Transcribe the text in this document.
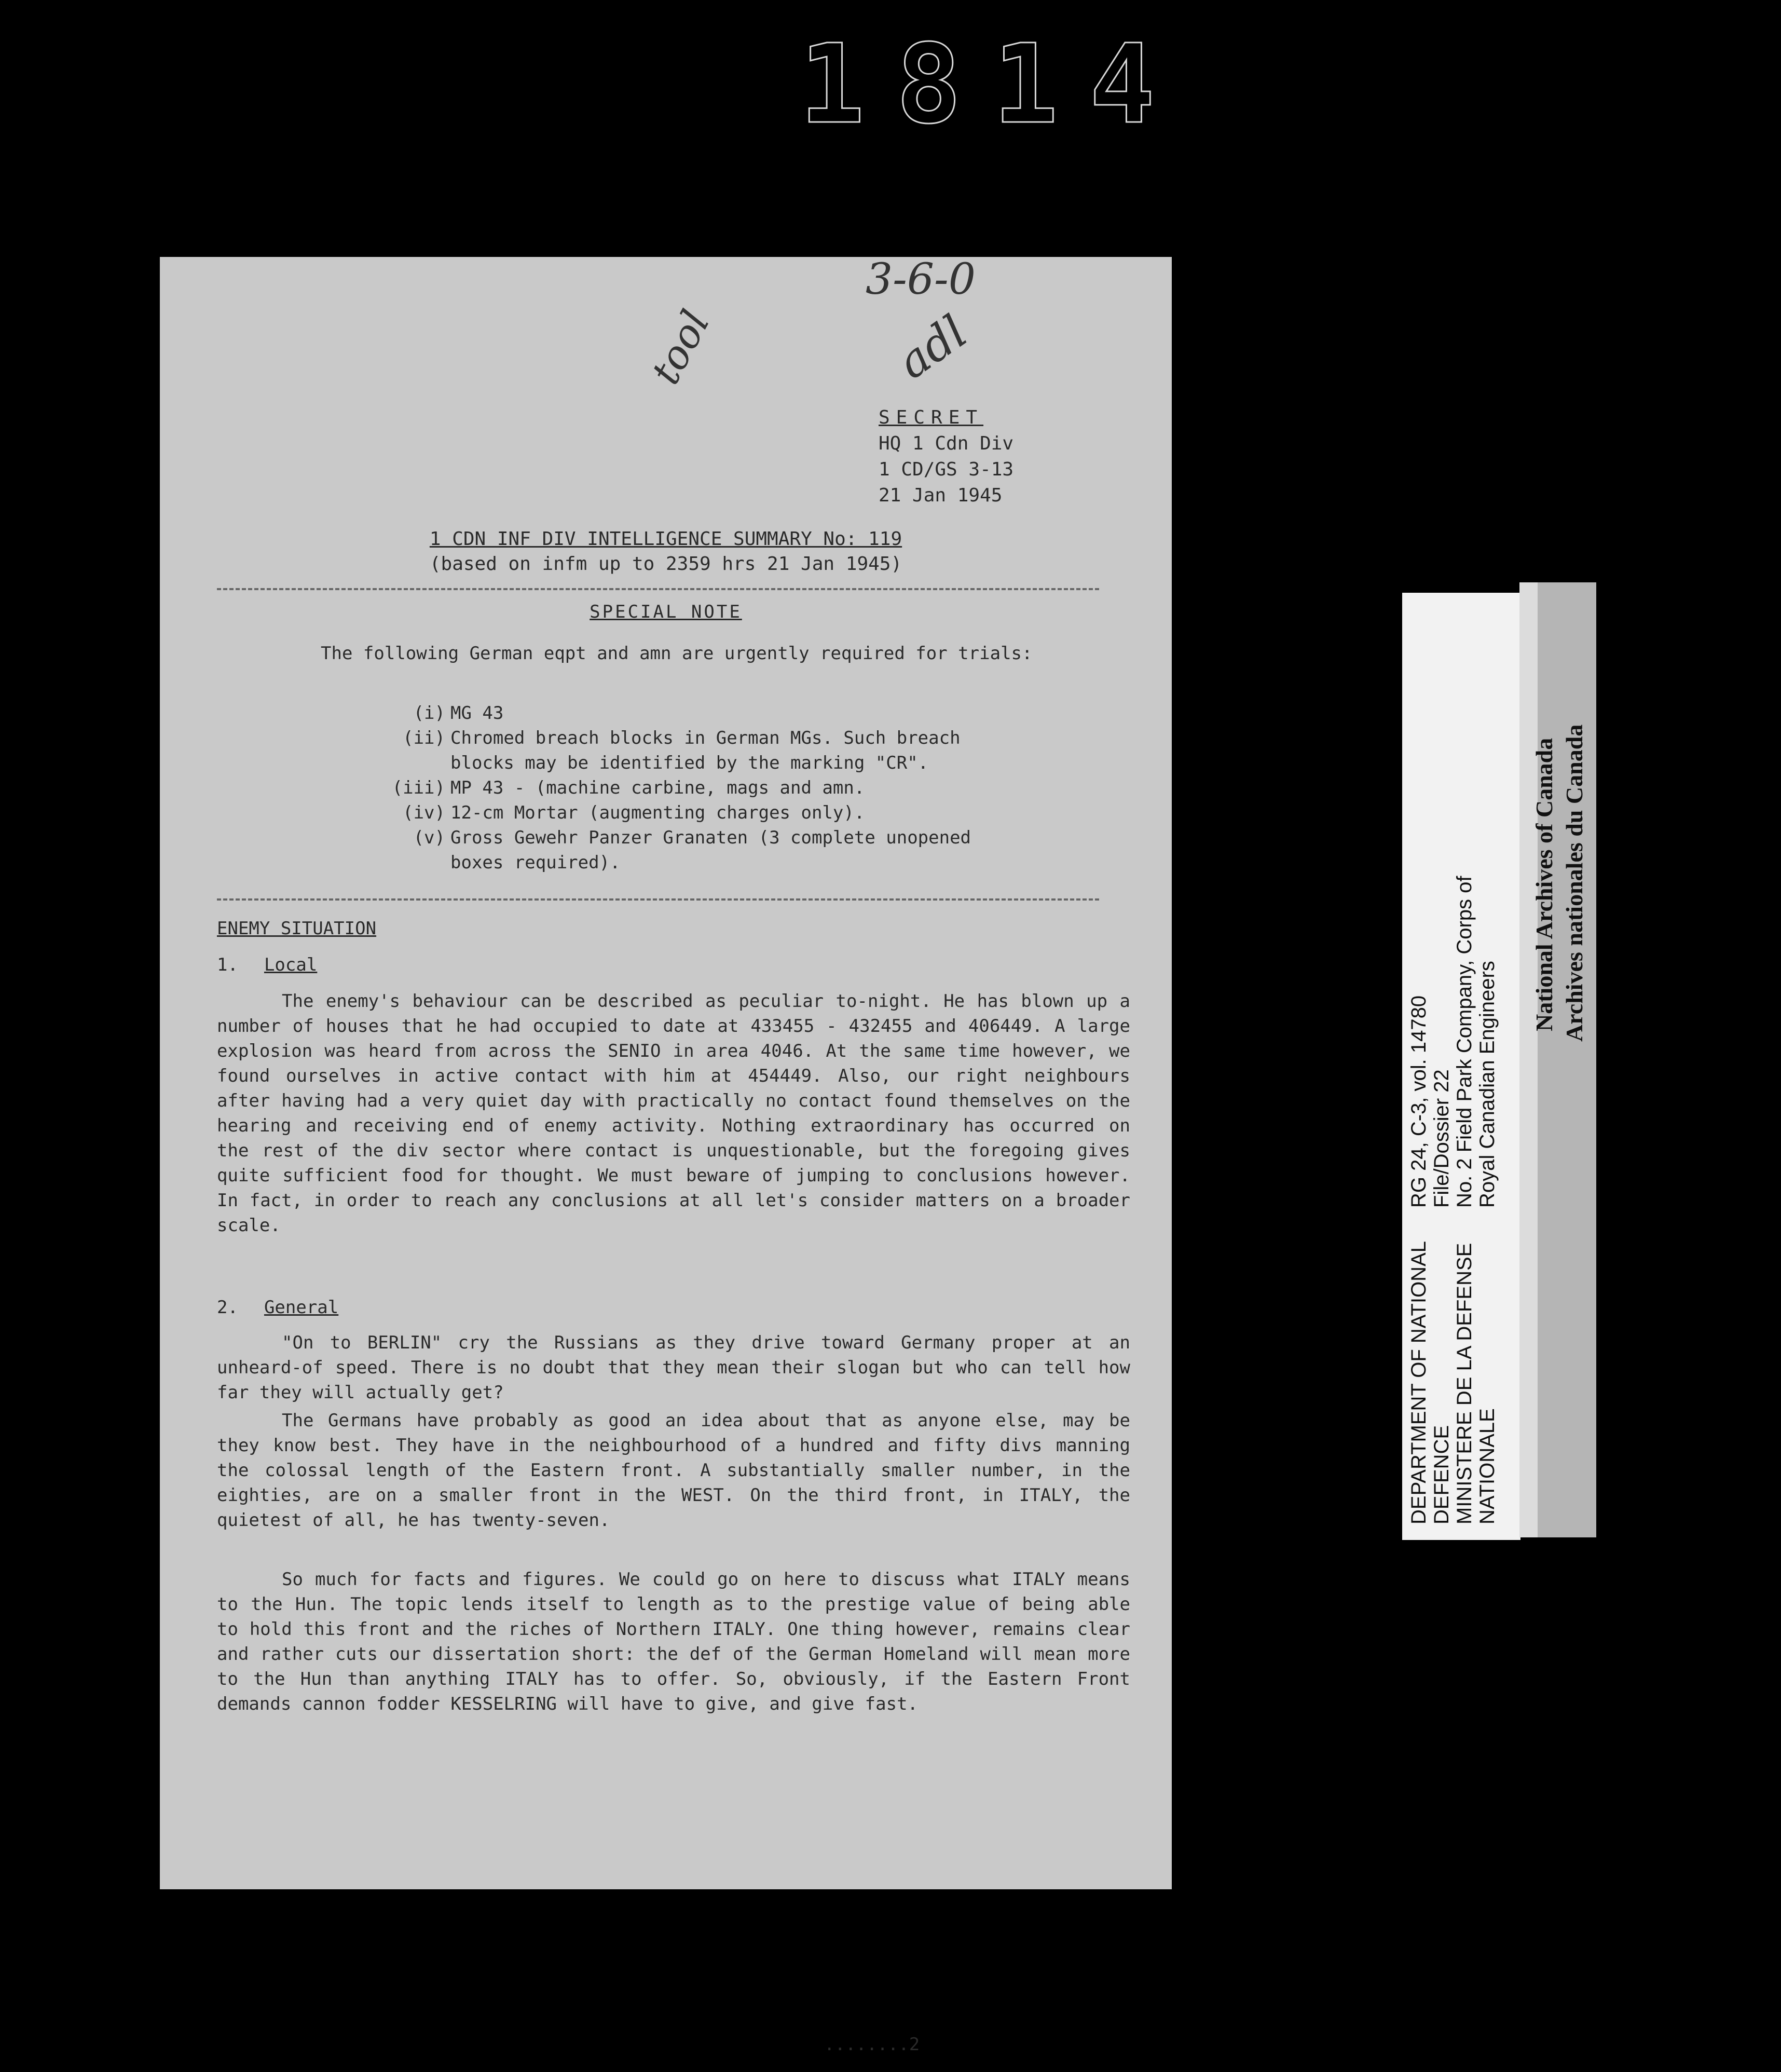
1814
3-6-0
adl
tool
SECRET
HQ 1 Cdn Div
1 CD/GS 3-13
21 Jan 1945
1 CDN INF DIV INTELLIGENCE SUMMARY No: 119
(based on infm up to 2359 hrs 21 Jan 1945)
SPECIAL NOTE
The following German eqpt and amn are urgently required for trials:
(i) MG 43
(ii) Chromed breach blocks in German MGs. Such breach blocks may be identified by the marking "CR".
(iii) MP 43 - (machine carbine, mags and amn.
(iv) 12-cm Mortar (augmenting charges only).
(v) Gross Gewehr Panzer Granaten (3 complete unopened boxes required).
ENEMY SITUATION
1. Local
The enemy's behaviour can be described as peculiar to-night. He has blown up a number of houses that he had occupied to date at 433455 - 432455 and 406449. A large explosion was heard from across the SENIO in area 4046. At the same time however, we found ourselves in active contact with him at 454449. Also, our right neighbours after having had a very quiet day with practically no contact found themselves on the hearing and receiving end of enemy activity. Nothing extraordinary has occurred on the rest of the div sector where contact is unquestionable, but the foregoing gives quite sufficient food for thought. We must beware of jumping to conclusions however. In fact, in order to reach any conclusions at all let's consider matters on a broader scale.
2. General
"On to BERLIN" cry the Russians as they drive toward Germany proper at an unheard-of speed. There is no doubt that they mean their slogan but who can tell how far they will actually get?
The Germans have probably as good an idea about that as anyone else, may be they know best. They have in the neighbourhood of a hundred and fifty divs manning the colossal length of the Eastern front. A substantially smaller number, in the eighties, are on a smaller front in the WEST. On the third front, in ITALY, the quietest of all, he has twenty-seven.
So much for facts and figures. We could go on here to discuss what ITALY means to the Hun. The topic lends itself to length as to the prestige value of being able to hold this front and the riches of Northern ITALY. One thing however, remains clear and rather cuts our dissertation short: the def of the German Homeland will mean more to the Hun than anything ITALY has to offer. So, obviously, if the Eastern Front demands cannon fodder KESSELRING will have to give, and give fast.
........2
DEPARTMENT OF NATIONAL DEFENCE MINISTERE DE LA DEFENSE NATIONALE
RG 24, C-3, vol. 14780 File/Dossier 22 No. 2 Field Park Company, Corps of Royal Canadian Engineers
National Archives of Canada Archives nationales du Canada
